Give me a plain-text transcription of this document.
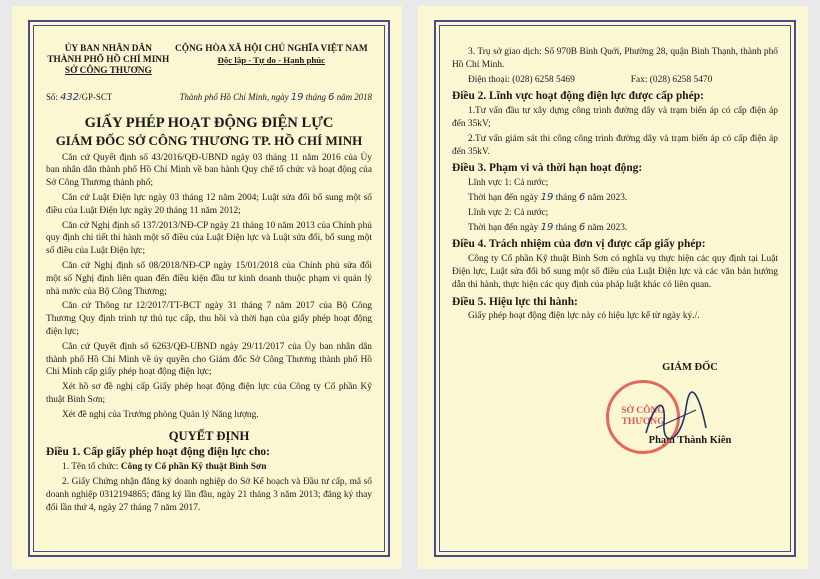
ỦY BAN NHÂN DÂN
THÀNH PHỐ HỒ CHÍ MINH
SỞ CÔNG THƯƠNG
CỘNG HÒA XÃ HỘI CHỦ NGHĨA VIỆT NAM
Độc lập - Tự do - Hạnh phúc
Số: 432/GP-SCT	Thành phố Hồ Chí Minh, ngày 19 tháng 6 năm 2018
GIẤY PHÉP HOẠT ĐỘNG ĐIỆN LỰC
GIÁM ĐỐC SỞ CÔNG THƯƠNG TP. HỒ CHÍ MINH

Căn cứ Quyết định số 43/2016/QĐ-UBND ngày 03 tháng 11 năm 2016 của Ủy ban nhân dân thành phố Hồ Chí Minh về ban hành Quy chế tổ chức và hoạt động của Sở Công Thương thành phố;

Căn cứ Luật Điện lực ngày 03 tháng 12 năm 2004; Luật sửa đổi bổ sung một số điều của Luật Điện lực ngày 20 tháng 11 năm 2012;

Căn cứ Nghị định số 137/2013/NĐ-CP ngày 21 tháng 10 năm 2013 của Chính phủ quy định chi tiết thi hành một số điều của Luật Điện lực và Luật sửa đổi, bổ sung một số điều của Luật Điện lực;

Căn cứ Nghị định số 08/2018/NĐ-CP ngày 15/01/2018 của Chính phủ sửa đổi một số Nghị định liên quan đến điều kiện đầu tư kinh doanh thuộc phạm vi quản lý nhà nước của Bộ Công Thương;

Căn cứ Thông tư 12/2017/TT-BCT ngày 31 tháng 7 năm 2017 của Bộ Công Thương Quy định trình tự thủ tục cấp, thu hồi và thời hạn của giấy phép hoạt động điện lực;

Căn cứ Quyết định số 6263/QĐ-UBND ngày 29/11/2017 của Ủy ban nhân dân thành phố Hồ Chí Minh về ủy quyền cho Giám đốc Sở Công Thương thành phố Hồ Chí Minh cấp giấy phép hoạt động điện lực;

Xét hồ sơ đề nghị cấp Giấy phép hoạt động điện lực của Công ty Cổ phần Kỹ thuật Bình Sơn;

Xét đề nghị của Trưởng phòng Quản lý Năng lượng.

QUYẾT ĐỊNH
Điều 1. Cấp giấy phép hoạt động điện lực cho:

1. Tên tổ chức: Công ty Cổ phần Kỹ thuật Bình Sơn

2. Giấy Chứng nhận đăng ký doanh nghiệp do Sở Kế hoạch và Đầu tư cấp, mã số doanh nghiệp 0312194865; đăng ký lần đầu, ngày 21 tháng 3 năm 2013; đăng ký thay đổi lần thứ 4, ngày 27 tháng 7 năm 2017.

3. Trụ sở giao dịch: Số 970B Bình Quới, Phường 28, quận Bình Thạnh, thành phố Hồ Chí Minh.

Điện thoại: (028) 6258 5469	Fax: (028) 6258 5470

Điều 2. Lĩnh vực hoạt động điện lực được cấp phép:

1.Tư vấn đầu tư xây dựng công trình đường dây và trạm biến áp có cấp điện áp đến 35kV;

2.Tư vấn giám sát thi công công trình đường dây và trạm biến áp có cấp điện áp đến 35kV.

Điều 3. Phạm vi và thời hạn hoạt động:

Lĩnh vực 1: Cả nước;

Thời hạn đến ngày 19 tháng 6 năm 2023.

Lĩnh vực 2: Cả nước;

Thời hạn đến ngày 19 tháng 6 năm 2023.

Điều 4. Trách nhiệm của đơn vị được cấp giấy phép:

Công ty Cổ phần Kỹ thuật Bình Sơn có nghĩa vụ thực hiện các quy định tại Luật Điện lực, Luật sửa đổi bổ sung một số điều của Luật Điện lực và các văn bản hướng dẫn thi hành, thực hiện các quy định của pháp luật khác có liên quan.

Điều 5. Hiệu lực thi hành:

Giấy phép hoạt động điện lực này có hiệu lực kể từ ngày ký./.

GIÁM ĐỐC
SỞ CÔNG THƯƠNG
Phạm Thành Kiên
